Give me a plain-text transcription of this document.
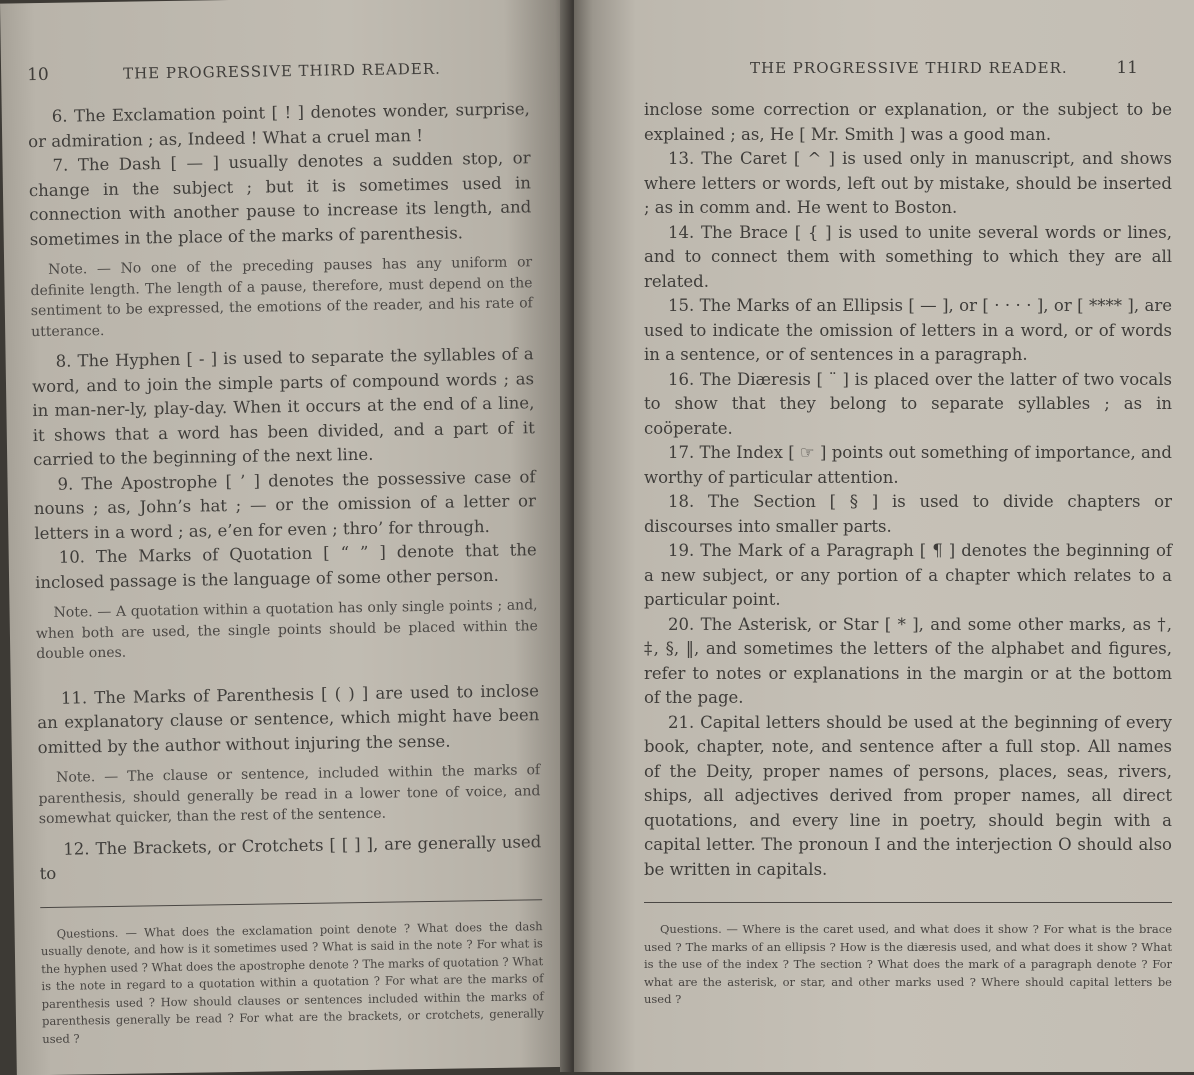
10	THE PROGRESSIVE THIRD READER.

6. The Exclamation point [ ! ] denotes wonder, surprise, or admiration ; as, Indeed ! What a cruel man !

7. The Dash [ — ] usually denotes a sudden stop, or change in the subject ; but it is sometimes used in connection with another pause to increase its length, and sometimes in the place of the marks of parenthesis.

Note. — No one of the preceding pauses has any uniform or definite length. The length of a pause, therefore, must depend on the sentiment to be expressed, the emotions of the reader, and his rate of utterance.

8. The Hyphen [ - ] is used to separate the syllables of a word, and to join the simple parts of compound words ; as in man-ner-ly, play-day. When it occurs at the end of a line, it shows that a word has been divided, and a part of it carried to the beginning of the next line.

9. The Apostrophe [ ’ ] denotes the possessive case of nouns ; as, John’s hat ; — or the omission of a letter or letters in a word ; as, e’en for even ; thro’ for through.

10. The Marks of Quotation [ “ ” ] denote that the inclosed passage is the language of some other person.

Note. — A quotation within a quotation has only single points ; and, when both are used, the single points should be placed within the double ones.

11. The Marks of Parenthesis [ ( ) ] are used to inclose an explanatory clause or sentence, which might have been omitted by the author without injuring the sense.

Note. — The clause or sentence, included within the marks of parenthesis, should generally be read in a lower tone of voice, and somewhat quicker, than the rest of the sentence.

12. The Brackets, or Crotchets [ [ ] ], are generally used to

Questions. — What does the exclamation point denote ? What does the dash usually denote, and how is it sometimes used ? What is said in the note ? For what is the hyphen used ? What does the apostrophe denote ? The marks of quotation ? What is the note in regard to a quotation within a quotation ? For what are the marks of parenthesis used ? How should clauses or sentences included within the marks of parenthesis generally be read ? For what are the brackets, or crotchets, generally used ?

THE PROGRESSIVE THIRD READER.	11

inclose some correction or explanation, or the subject to be explained ; as, He [ Mr. Smith ] was a good man.

13. The Caret [ ^ ] is used only in manuscript, and shows where letters or words, left out by mistake, should be inserted ; as in comm and. He went to Boston.

14. The Brace [ { ] is used to unite several words or lines, and to connect them with something to which they are all related.

15. The Marks of an Ellipsis [ — ], or [ · · · · ], or [ **** ], are used to indicate the omission of letters in a word, or of words in a sentence, or of sentences in a paragraph.

16. The Diæresis [ ¨ ] is placed over the latter of two vocals to show that they belong to separate syllables ; as in coöperate.

17. The Index [ ☞ ] points out something of importance, and worthy of particular attention.

18. The Section [ § ] is used to divide chapters or discourses into smaller parts.

19. The Mark of a Paragraph [ ¶ ] denotes the beginning of a new subject, or any portion of a chapter which relates to a particular point.

20. The Asterisk, or Star [ * ], and some other marks, as †, ‡, §, ‖, and sometimes the letters of the alphabet and figures, refer to notes or explanations in the margin or at the bottom of the page.

21. Capital letters should be used at the beginning of every book, chapter, note, and sentence after a full stop. All names of the Deity, proper names of persons, places, seas, rivers, ships, all adjectives derived from proper names, all direct quotations, and every line in poetry, should begin with a capital letter. The pronoun I and the interjection O should also be written in capitals.

Questions. — Where is the caret used, and what does it show ? For what is the brace used ? The marks of an ellipsis ? How is the diæresis used, and what does it show ? What is the use of the index ? The section ? What does the mark of a paragraph denote ? For what are the asterisk, or star, and other marks used ? Where should capital letters be used ?
